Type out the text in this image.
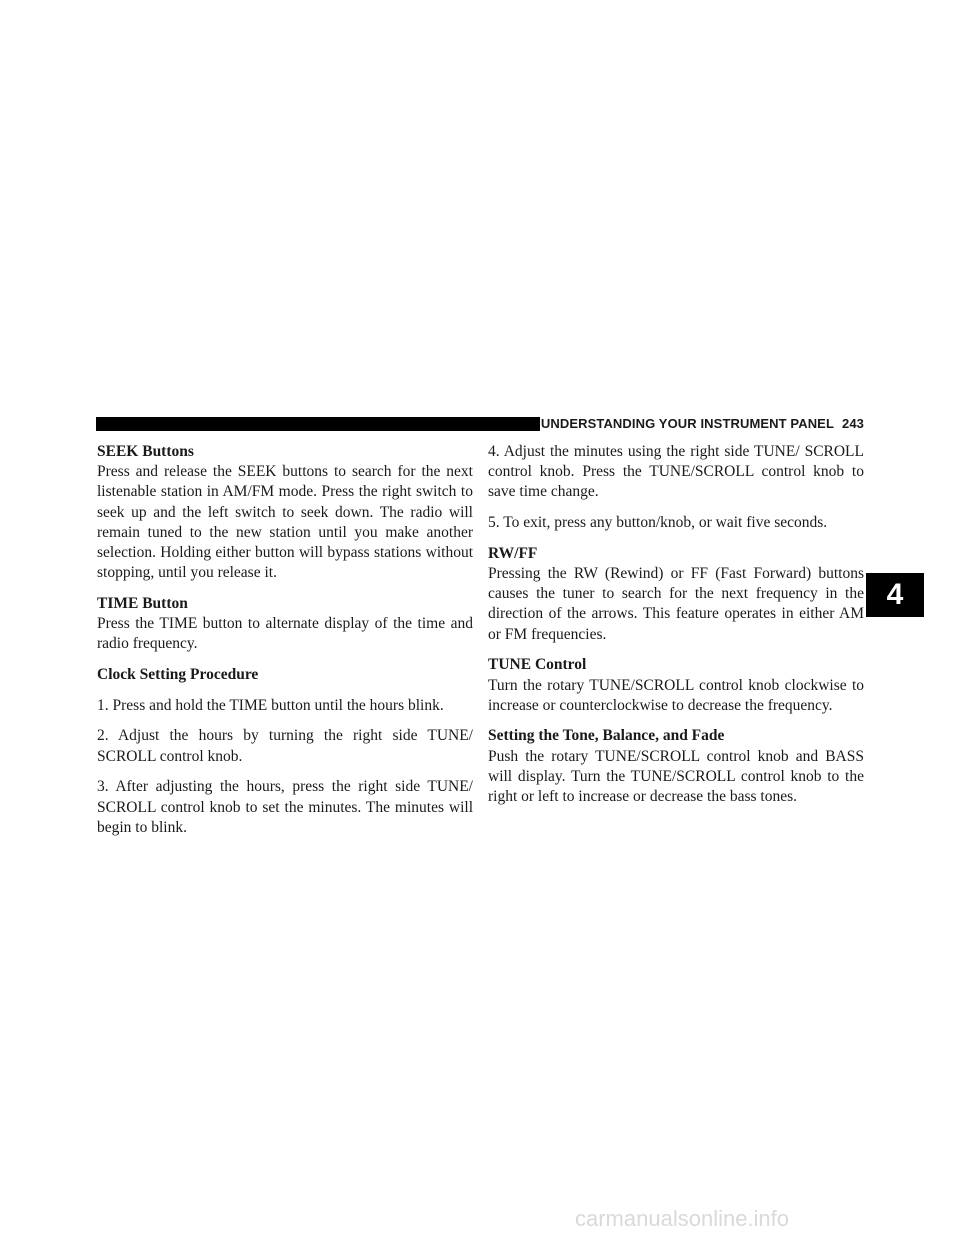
UNDERSTANDING YOUR INSTRUMENT PANEL 243
SEEK Buttons

Press and release the SEEK buttons to search for the next listenable station in AM/FM mode. Press the right switch to seek up and the left switch to seek down. The radio will remain tuned to the new station until you make another selection. Holding either button will bypass stations without stopping, until you release it.

TIME Button

Press the TIME button to alternate display of the time and radio frequency.

Clock Setting Procedure

1. Press and hold the TIME button until the hours blink.

2. Adjust the hours by turning the right side TUNE/ SCROLL control knob.

3. After adjusting the hours, press the right side TUNE/ SCROLL control knob to set the minutes. The minutes will begin to blink.

4. Adjust the minutes using the right side TUNE/ SCROLL control knob. Press the TUNE/SCROLL control knob to save time change.

5. To exit, press any button/knob, or wait five seconds.

RW/FF

Pressing the RW (Rewind) or FF (Fast Forward) buttons causes the tuner to search for the next frequency in the direction of the arrows. This feature operates in either AM or FM frequencies.

TUNE Control

Turn the rotary TUNE/SCROLL control knob clockwise to increase or counterclockwise to decrease the frequency.

Setting the Tone, Balance, and Fade

Push the rotary TUNE/SCROLL control knob and BASS will display. Turn the TUNE/SCROLL control knob to the right or left to increase or decrease the bass tones.

4
carmanualsonline.info
